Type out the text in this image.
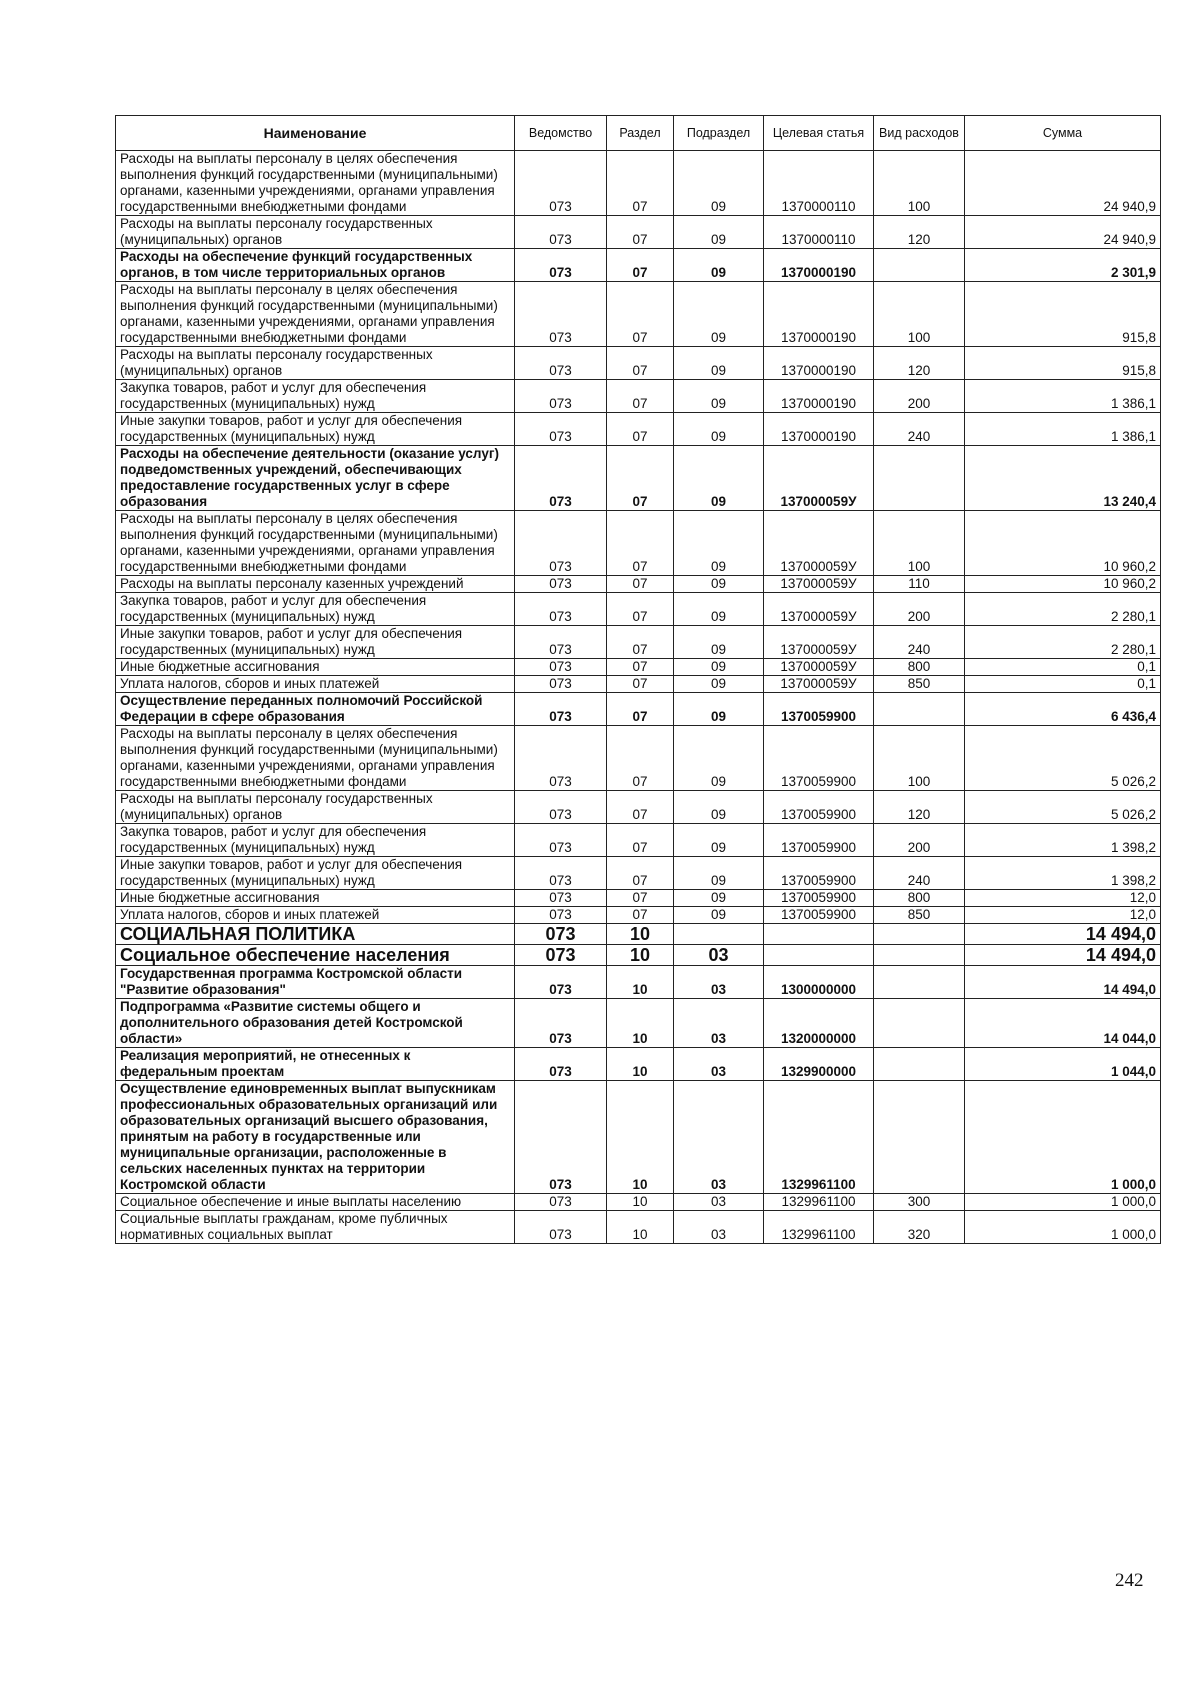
Наименование	Ведомство	Раздел	Подраздел	Целевая статья	Вид расходов	Сумма
Расходы на выплаты персоналу в целях обеспечения выполнения функций государственными (муниципальными) органами, казенными учреждениями, органами управления государственными внебюджетными фондами	073	07	09	1370000110	100	24 940,9
Расходы на выплаты персоналу государственных (муниципальных) органов	073	07	09	1370000110	120	24 940,9
Расходы на обеспечение функций государственных органов, в том числе территориальных органов	073	07	09	1370000190		2 301,9
Расходы на выплаты персоналу в целях обеспечения выполнения функций государственными (муниципальными) органами, казенными учреждениями, органами управления государственными внебюджетными фондами	073	07	09	1370000190	100	915,8
Расходы на выплаты персоналу государственных (муниципальных) органов	073	07	09	1370000190	120	915,8
Закупка товаров, работ и услуг для обеспечения государственных (муниципальных) нужд	073	07	09	1370000190	200	1 386,1
Иные закупки товаров, работ и услуг для обеспечения государственных (муниципальных) нужд	073	07	09	1370000190	240	1 386,1
Расходы на обеспечение деятельности (оказание услуг) подведомственных учреждений, обеспечивающих предоставление государственных услуг в сфере образования	073	07	09	137000059У		13 240,4
Расходы на выплаты персоналу в целях обеспечения выполнения функций государственными (муниципальными) органами, казенными учреждениями, органами управления государственными внебюджетными фондами	073	07	09	137000059У	100	10 960,2
Расходы на выплаты персоналу казенных учреждений	073	07	09	137000059У	110	10 960,2
Закупка товаров, работ и услуг для обеспечения государственных (муниципальных) нужд	073	07	09	137000059У	200	2 280,1
Иные закупки товаров, работ и услуг для обеспечения государственных (муниципальных) нужд	073	07	09	137000059У	240	2 280,1
Иные бюджетные ассигнования	073	07	09	137000059У	800	0,1
Уплата налогов, сборов и иных платежей	073	07	09	137000059У	850	0,1
Осуществление переданных полномочий Российской Федерации в сфере образования	073	07	09	1370059900		6 436,4
Расходы на выплаты персоналу в целях обеспечения выполнения функций государственными (муниципальными) органами, казенными учреждениями, органами управления государственными внебюджетными фондами	073	07	09	1370059900	100	5 026,2
Расходы на выплаты персоналу государственных (муниципальных) органов	073	07	09	1370059900	120	5 026,2
Закупка товаров, работ и услуг для обеспечения государственных (муниципальных) нужд	073	07	09	1370059900	200	1 398,2
Иные закупки товаров, работ и услуг для обеспечения государственных (муниципальных) нужд	073	07	09	1370059900	240	1 398,2
Иные бюджетные ассигнования	073	07	09	1370059900	800	12,0
Уплата налогов, сборов и иных платежей	073	07	09	1370059900	850	12,0
СОЦИАЛЬНАЯ ПОЛИТИКА	073	10				14 494,0
Социальное обеспечение населения	073	10	03			14 494,0
Государственная программа Костромской области "Развитие образования"	073	10	03	1300000000		14 494,0
Подпрограмма «Развитие системы общего и дополнительного образования детей Костромской области»	073	10	03	1320000000		14 044,0
Реализация мероприятий, не отнесенных к федеральным проектам	073	10	03	1329900000		1 044,0
Осуществление единовременных выплат выпускникам профессиональных образовательных организаций или образовательных организаций высшего образования, принятым на работу в государственные или муниципальные организации, расположенные в сельских населенных пунктах на территории Костромской области	073	10	03	1329961100		1 000,0
Социальное обеспечение и иные выплаты населению	073	10	03	1329961100	300	1 000,0
Социальные выплаты гражданам, кроме публичных нормативных социальных выплат	073	10	03	1329961100	320	1 000,0
242
